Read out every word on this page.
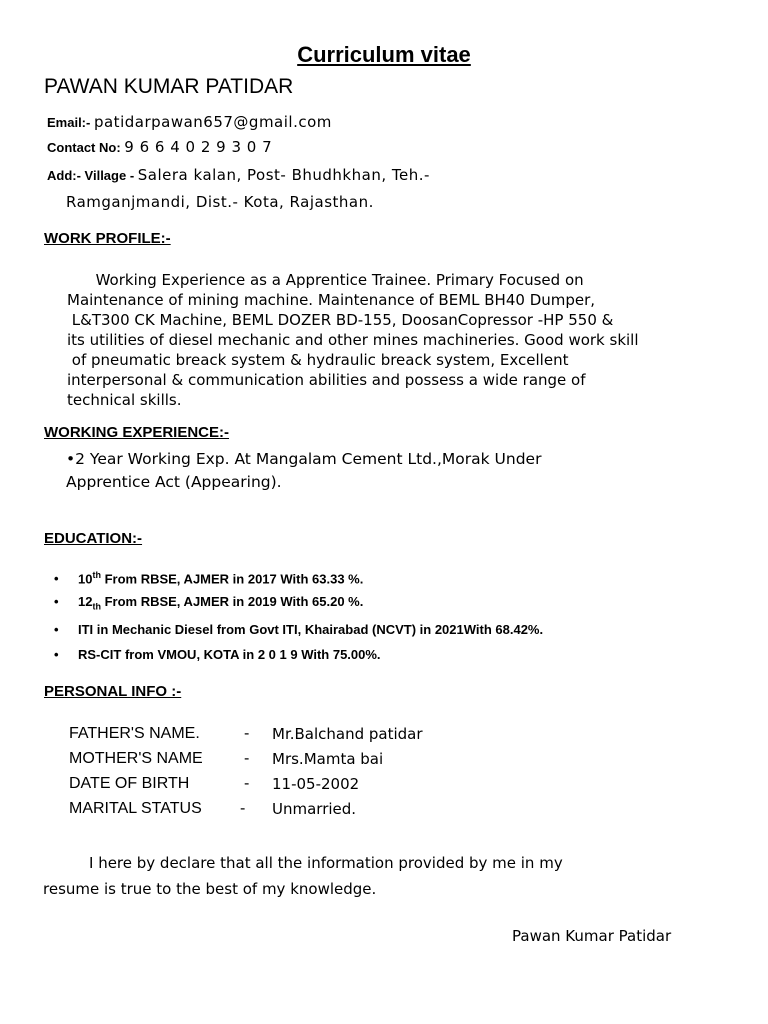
Curriculum vitae
PAWAN KUMAR PATIDAR
Email:- patidarpawan657@gmail.com
Contact No: 9 6 6 4 0 2 9 3 0 7
Add:- Village - Salera kalan, Post- Bhudhkhan, Teh.-
Ramganjmandi, Dist.- Kota, Rajasthan.
WORK PROFILE:-
Working Experience as a Apprentice Trainee. Primary Focused on
Maintenance of mining machine. Maintenance of BEML BH40 Dumper,
L&T300 CK Machine, BEML DOZER BD-155, DoosanCopressor -HP 550 &
its utilities of diesel mechanic and other mines machineries. Good work skill
of pneumatic breack system & hydraulic breack system, Excellent
interpersonal & communication abilities and possess a wide range of
technical skills.
WORKING EXPERIENCE:-
•2 Year Working Exp. At Mangalam Cement Ltd.,Morak Under
Apprentice Act (Appearing).
EDUCATION:-
• 10th From RBSE, AJMER in 2017 With 63.33 %.
• $12_{th}$ From RBSE, AJMER in 2019 With 65.20 %.
• ITI in Mechanic Diesel from Govt ITI, Khairabad (NCVT) in 2021With 68.42%.
• RS-CIT from VMOU, KOTA in 2 0 1 9 With 75.00%.
PERSONAL INFO :-
FATHER'S NAME.	- Mr.Balchand patidar
MOTHER'S NAME	- Mrs.Mamta bai
DATE OF BIRTH	- 11-05-2002
MARITAL STATUS - Unmarried.
I here by declare that all the information provided by me in my
resume is true to the best of my knowledge.
Pawan Kumar Patidar
